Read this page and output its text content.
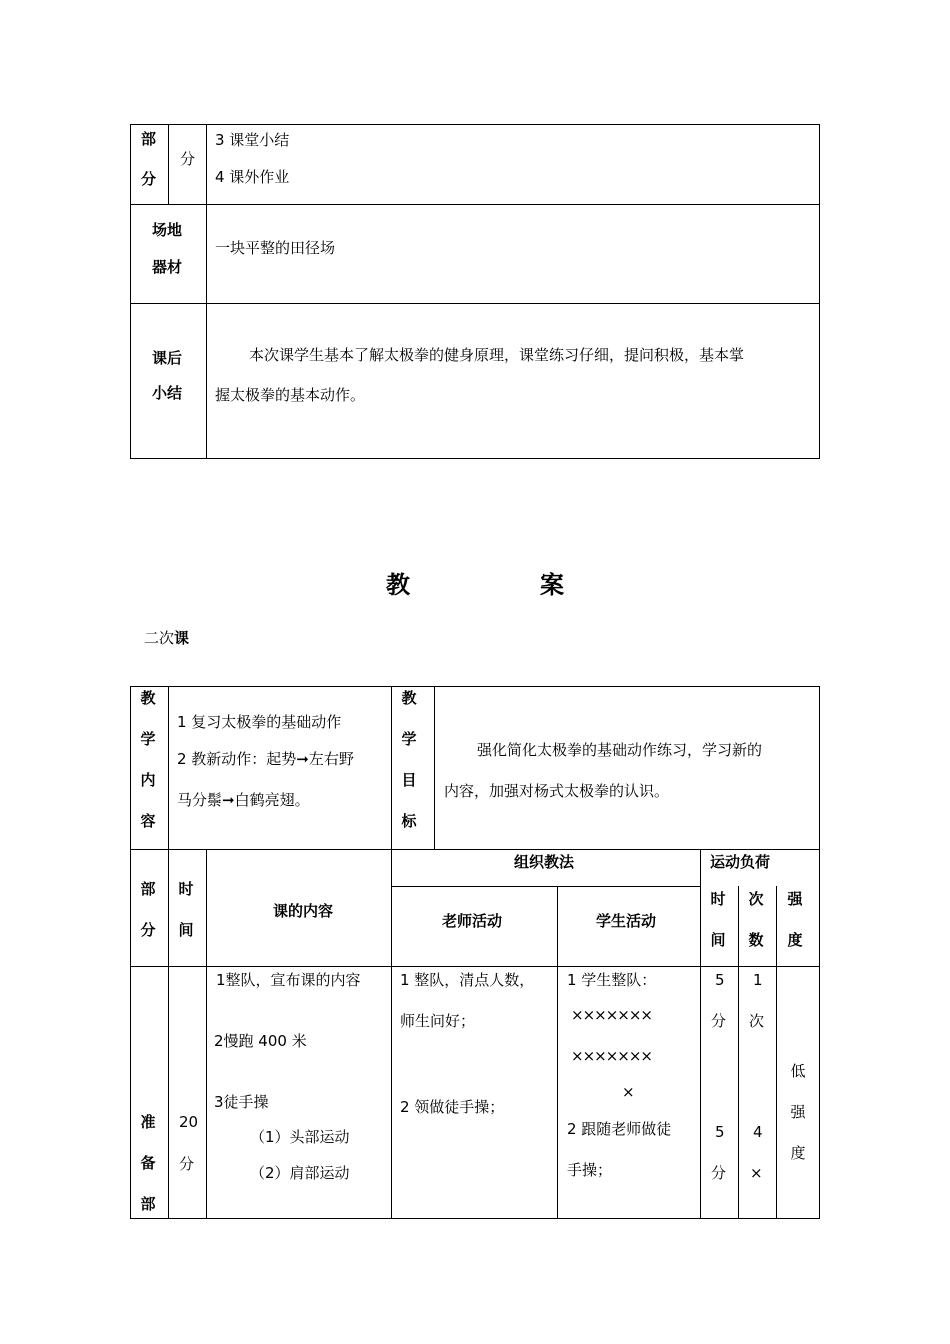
部
分
分
3 课堂小结
4 课外作业
场地
器材
一块平整的田径场
课后
小结
本次课学生基本了解太极拳的健身原理，课堂练习仔细，提问积极，基本掌
握太极拳的基本动作。
教	案
二次课
教
学
内
容
1 复习太极拳的基础动作
2 教新动作：起势➞左右野
马分鬃➞白鹤亮翅。
教
学
目
标
强化简化太极拳的基础动作练习，学习新的
内容，加强对杨式太极拳的认识。
部
分
时
间
课的内容
组织教法
老师活动	学生活动
运动负荷
时
间
次
数
强
度
准
备
部
20
分
1整队，宣布课的内容
2慢跑 400 米
3徒手操
（1）头部运动
（2）肩部运动
1 整队，清点人数，
师生问好；
2 领做徒手操；
1 学生整队：
×××××××
×××××××
×
2 跟随老师做徒
手操；
5
分
5
分
1
次
4
×
低
强
度
